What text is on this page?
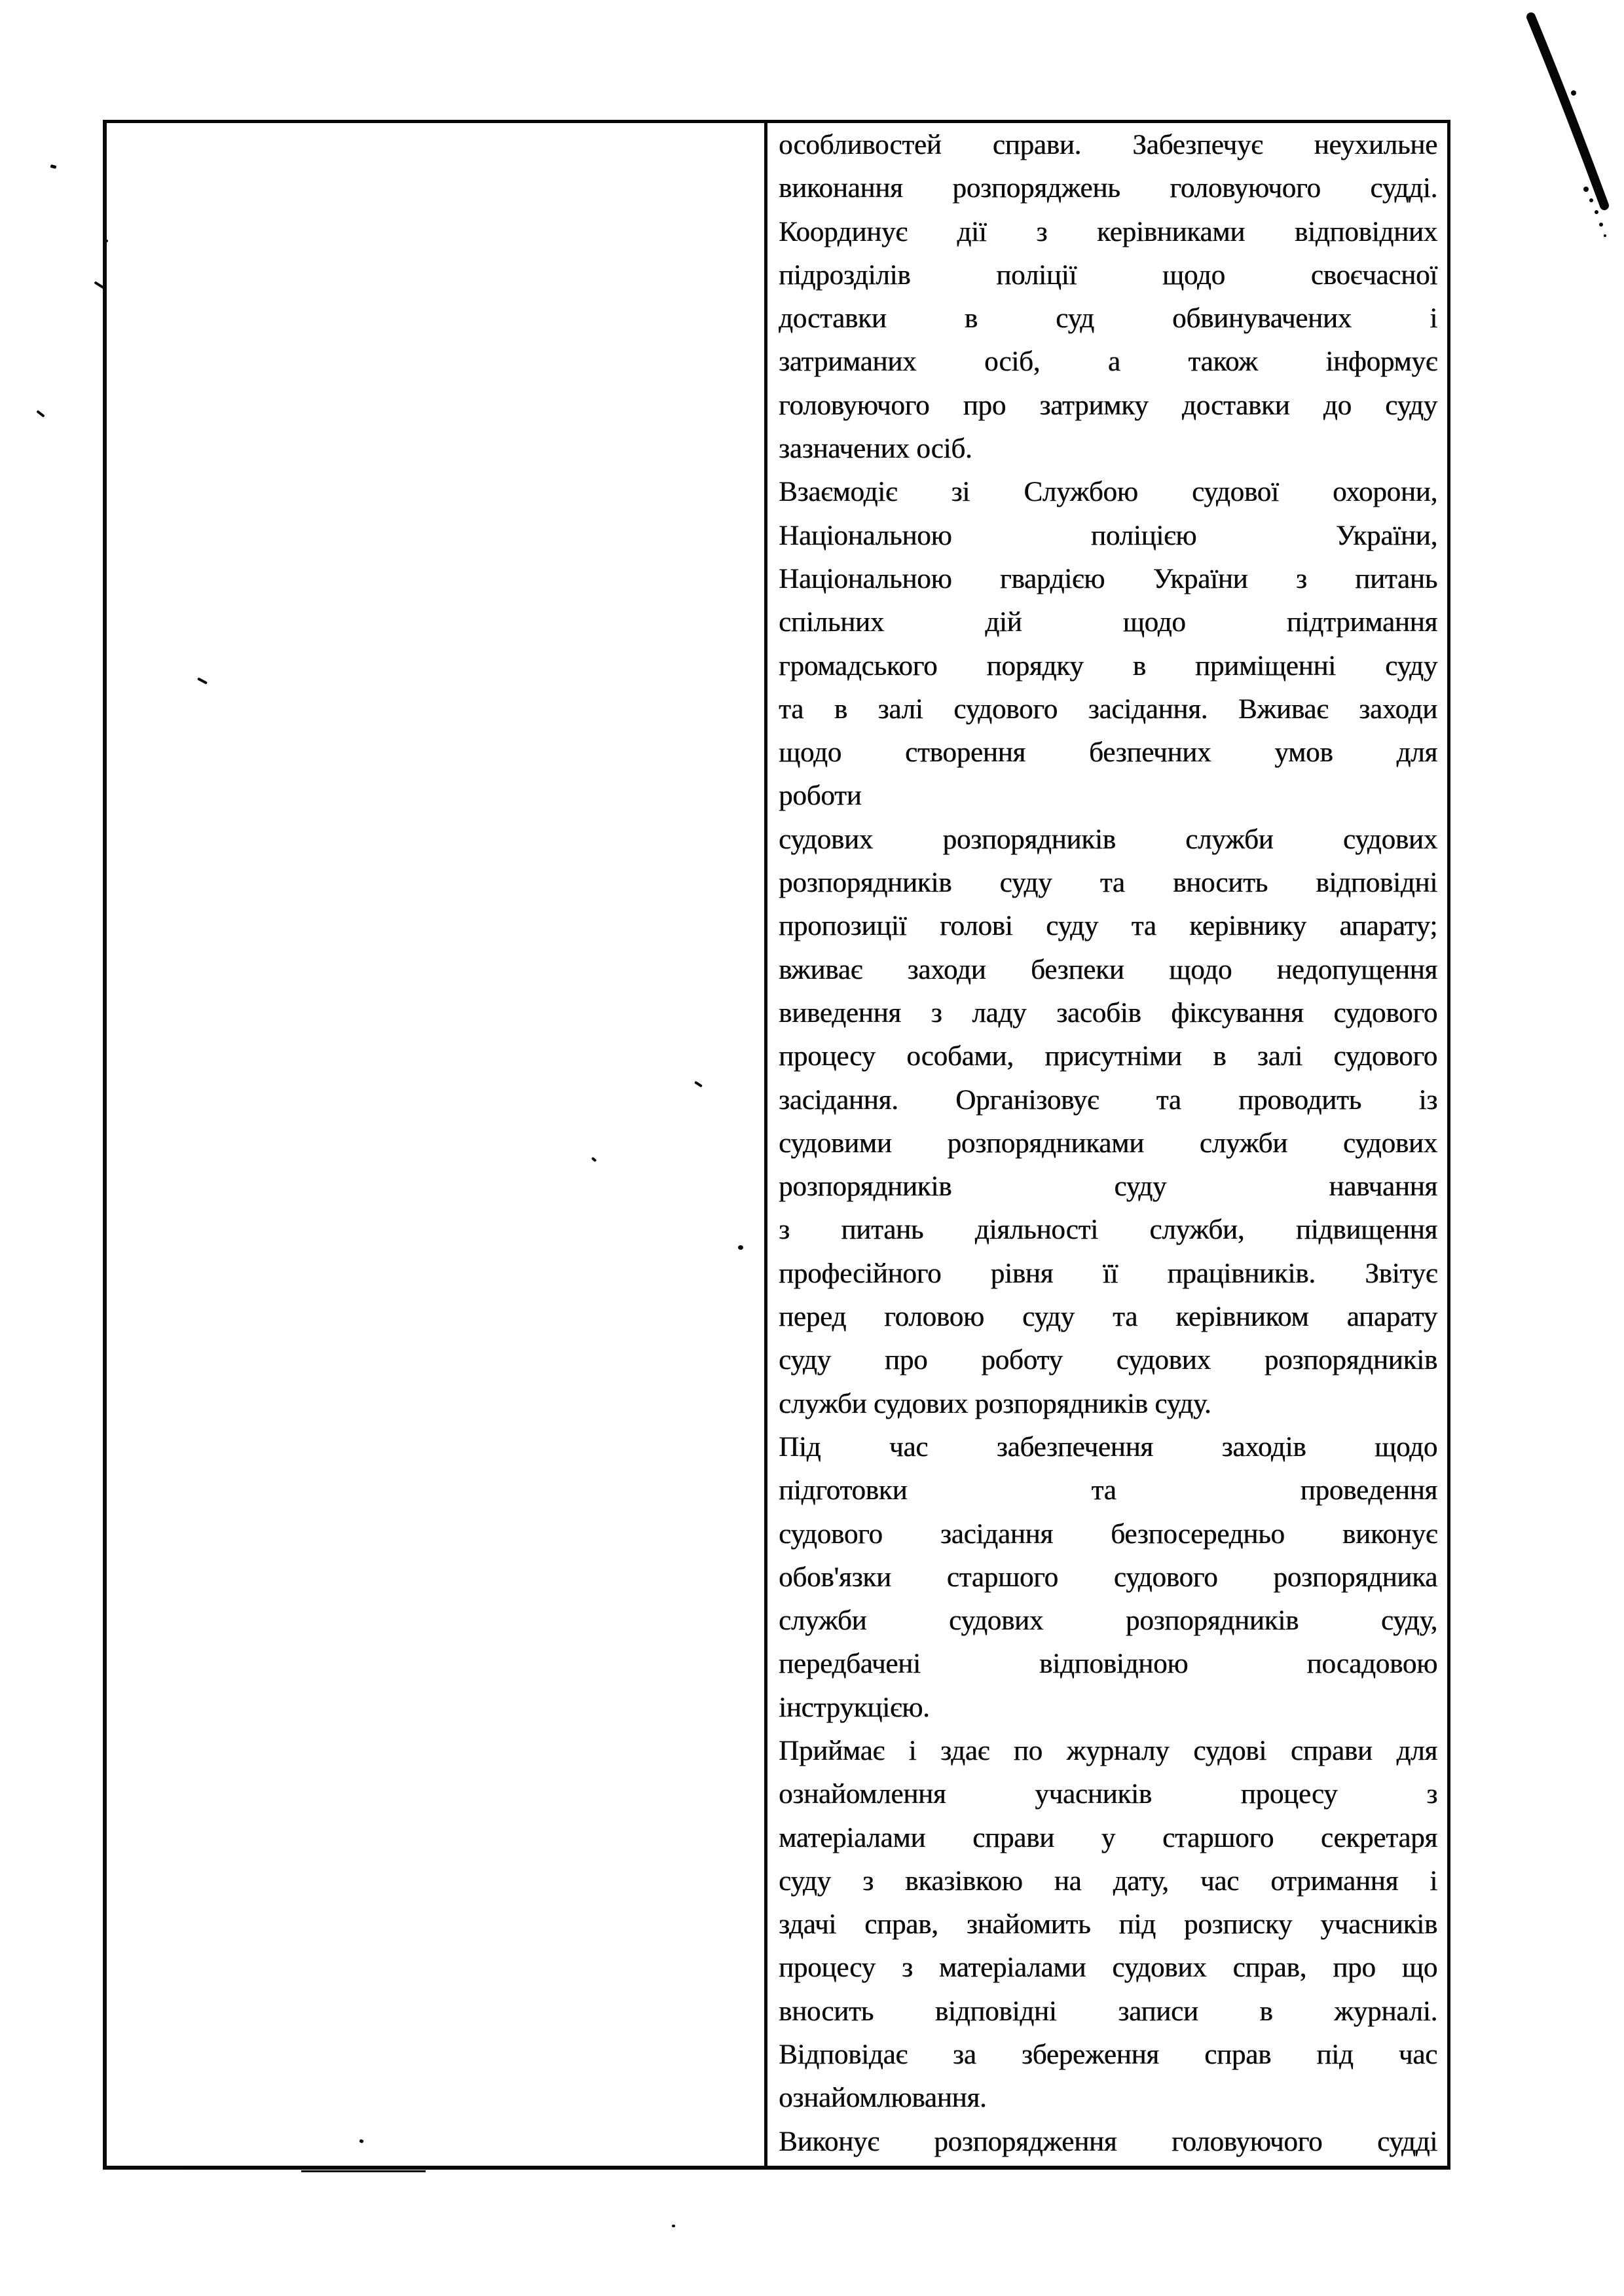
особливостей справи. Забезпечує неухильне
виконання розпоряджень головуючого судді.
Координує дії з керівниками відповідних
підрозділів поліції щодо своєчасної
доставки в суд обвинувачених і
затриманих осіб, а також інформує
головуючого про затримку доставки до суду
зазначених осіб.
Взаємодіє зі Службою судової охорони,
Національною поліцією України,
Національною гвардією України з питань
спільних дій щодо підтримання
громадського порядку в приміщенні суду
та в залі судового засідання. Вживає заходи
щодо створення безпечних умов для
роботи
судових розпорядників служби судових
розпорядників суду та вносить відповідні
пропозиції голові суду та керівнику апарату;
вживає заходи безпеки щодо недопущення
виведення з ладу засобів фіксування судового
процесу особами, присутніми в залі судового
засідання. Організовує та проводить із
судовими розпорядниками служби судових
розпорядників суду навчання
з питань діяльності служби, підвищення
професійного рівня її працівників. Звітує
перед головою суду та керівником апарату
суду про роботу судових розпорядників
служби судових розпорядників суду.
Під час забезпечення заходів щодо
підготовки та проведення
судового засідання безпосередньо виконує
обов'язки старшого судового розпорядника
служби судових розпорядників суду,
передбачені відповідною посадовою
інструкцією.
Приймає і здає по журналу судові справи для
ознайомлення учасників процесу з
матеріалами справи у старшого секретаря
суду з вказівкою на дату, час отримання і
здачі справ, знайомить під розписку учасників
процесу з матеріалами судових справ, про що
вносить відповідні записи в журналі.
Відповідає за збереження справ під час
ознайомлювання.
Виконує розпорядження головуючого судді
